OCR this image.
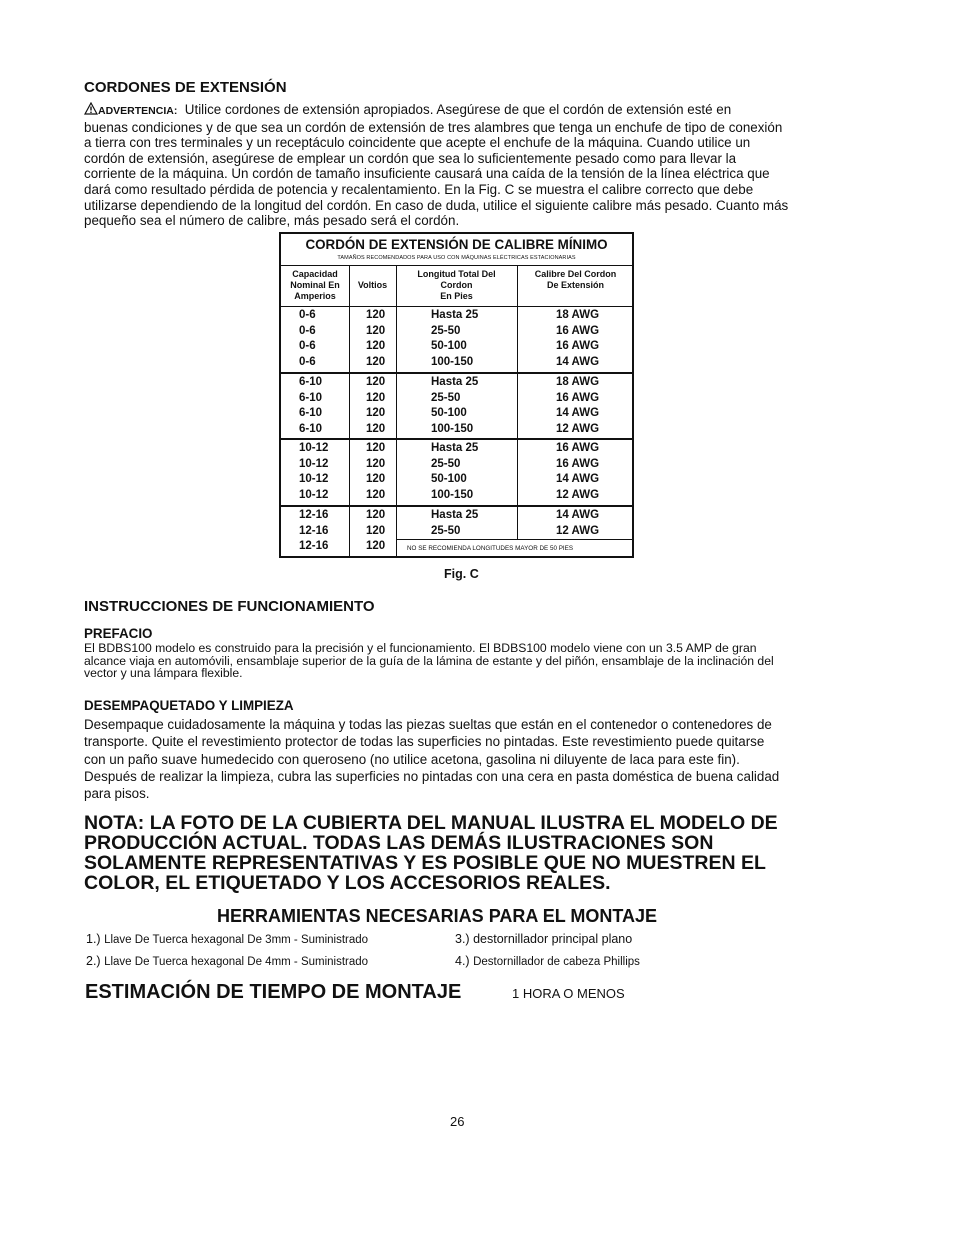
CORDONES DE EXTENSIÓN
ADVERTENCIA: Utilice cordones de extensión apropiados. Asegúrese de que el cordón de extensión esté en
buenas condiciones y de que sea un cordón de extensión de tres alambres que tenga un enchufe de tipo de conexión
a tierra con tres terminales y un receptáculo coincidente que acepte el enchufe de la máquina. Cuando utilice un
cordón de extensión, asegúrese de emplear un cordón que sea lo suficientemente pesado como para llevar la
corriente de la máquina. Un cordón de tamaño insuficiente causará una caída de la tensión de la línea eléctrica que
dará como resultado pérdida de potencia y recalentamiento. En la Fig. C se muestra el calibre correcto que debe
utilizarse dependiendo de la longitud del cordón. En caso de duda, utilice el siguiente calibre más pesado. Cuanto más
pequeño sea el número de calibre, más pesado será el cordón.
CORDÓN DE EXTENSIÓN DE CALIBRE MÍNIMO
TAMAÑOS RECOMENDADOS PARA USO CON MÁQUINAS ELÉCTRICAS ESTACIONARIAS
Capacidad
Nominal En
Amperios
Voltios
Longitud Total Del
Cordon
En Pies
Calibre Del Cordon
De Extensión
0-6
0-6
0-6
0-6
120
120
120
120
Hasta 25
25-50
50-100
100-150
18 AWG
16 AWG
16 AWG
14 AWG
6-10
6-10
6-10
6-10
120
120
120
120
Hasta 25
25-50
50-100
100-150
18 AWG
16 AWG
14 AWG
12 AWG
10-12
10-12
10-12
10-12
120
120
120
120
Hasta 25
25-50
50-100
100-150
16 AWG
16 AWG
14 AWG
12 AWG
12-16
12-16
12-16
120
120
120
Hasta 25
25-50
14 AWG
12 AWG
NO SE RECOMIENDA LONGITUDES MAYOR DE 50 PIES
Fig. C
INSTRUCCIONES DE FUNCIONAMIENTO
PREFACIO
El BDBS100 modelo es construido para la precisión y el funcionamiento. El BDBS100 modelo viene con un 3.5 AMP de gran
alcance viaja en automóvili, ensamblaje superior de la guía de la lámina de estante y del piñón, ensamblaje de la inclinación del
vector y una lámpara flexible.
DESEMPAQUETADO Y LIMPIEZA
Desempaque cuidadosamente la máquina y todas las piezas sueltas que están en el contenedor o contenedores de
transporte. Quite el revestimiento protector de todas las superficies no pintadas. Este revestimiento puede quitarse
con un paño suave humedecido con queroseno (no utilice acetona, gasolina ni diluyente de laca para este fin).
Después de realizar la limpieza, cubra las superficies no pintadas con una cera en pasta doméstica de buena calidad
para pisos.
NOTA: LA FOTO DE LA CUBIERTA DEL MANUAL ILUSTRA EL MODELO DE
PRODUCCIÓN ACTUAL. TODAS LAS DEMÁS ILUSTRACIONES SON
SOLAMENTE REPRESENTATIVAS Y ES POSIBLE QUE NO MUESTREN EL
COLOR, EL ETIQUETADO Y LOS ACCESORIOS REALES.
HERRAMIENTAS NECESARIAS PARA EL MONTAJE
1.) Llave De Tuerca hexagonal De 3mm - Suministrado
2.) Llave De Tuerca hexagonal De 4mm - Suministrado
3.) destornillador principal plano
4.) Destornillador de cabeza Phillips
ESTIMACIÓN DE TIEMPO DE MONTAJE	1 HORA O MENOS
26
